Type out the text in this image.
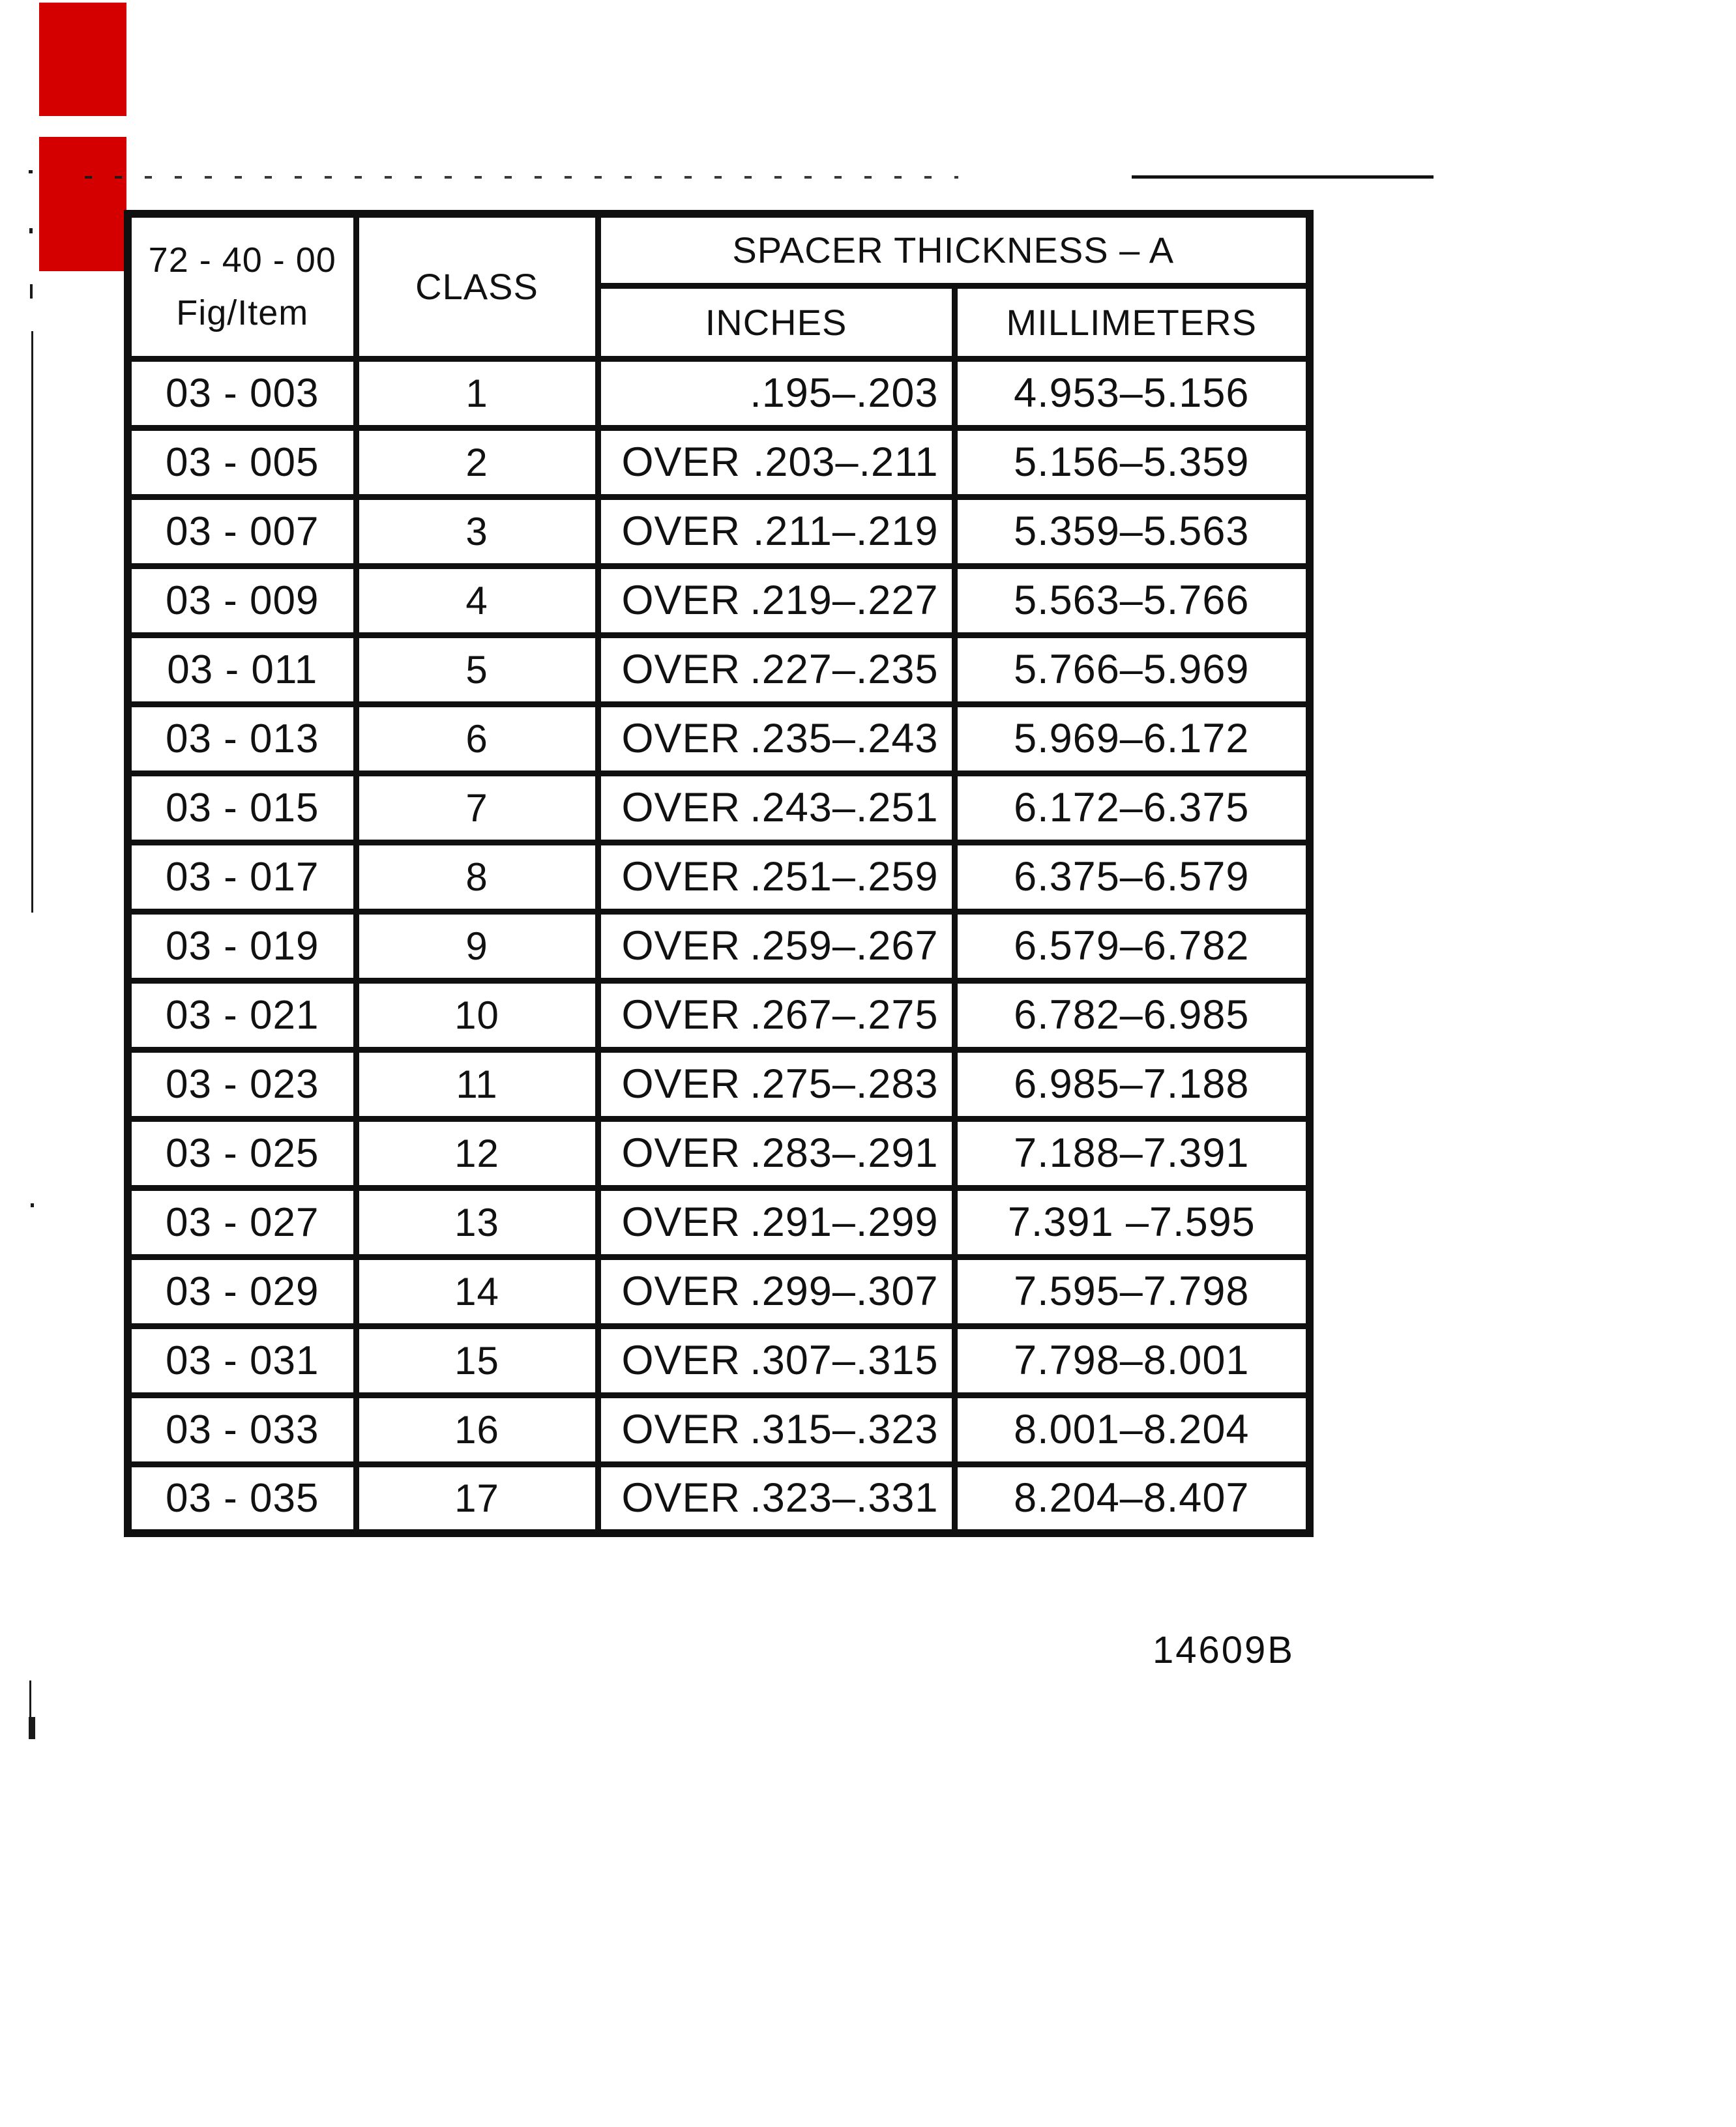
72 - 40 - 00
Fig/Item	CLASS	SPACER THICKNESS – A	
		INCHES	MILLIMETERS
03 - 003	1	.195–.203	4.953–5.156
03 - 005	2	OVER .203–.211	5.156–5.359
03 - 007	3	OVER .211–.219	5.359–5.563
03 - 009	4	OVER .219–.227	5.563–5.766
03 - 011	5	OVER .227–.235	5.766–5.969
03 - 013	6	OVER .235–.243	5.969–6.172
03 - 015	7	OVER .243–.251	6.172–6.375
03 - 017	8	OVER .251–.259	6.375–6.579
03 - 019	9	OVER .259–.267	6.579–6.782
03 - 021	10	OVER .267–.275	6.782–6.985
03 - 023	11	OVER .275–.283	6.985–7.188
03 - 025	12	OVER .283–.291	7.188–7.391
03 - 027	13	OVER .291–.299	7.391 –7.595
03 - 029	14	OVER .299–.307	7.595–7.798
03 - 031	15	OVER .307–.315	7.798–8.001
03 - 033	16	OVER .315–.323	8.001–8.204
03 - 035	17	OVER .323–.331	8.204–8.407
14609B
